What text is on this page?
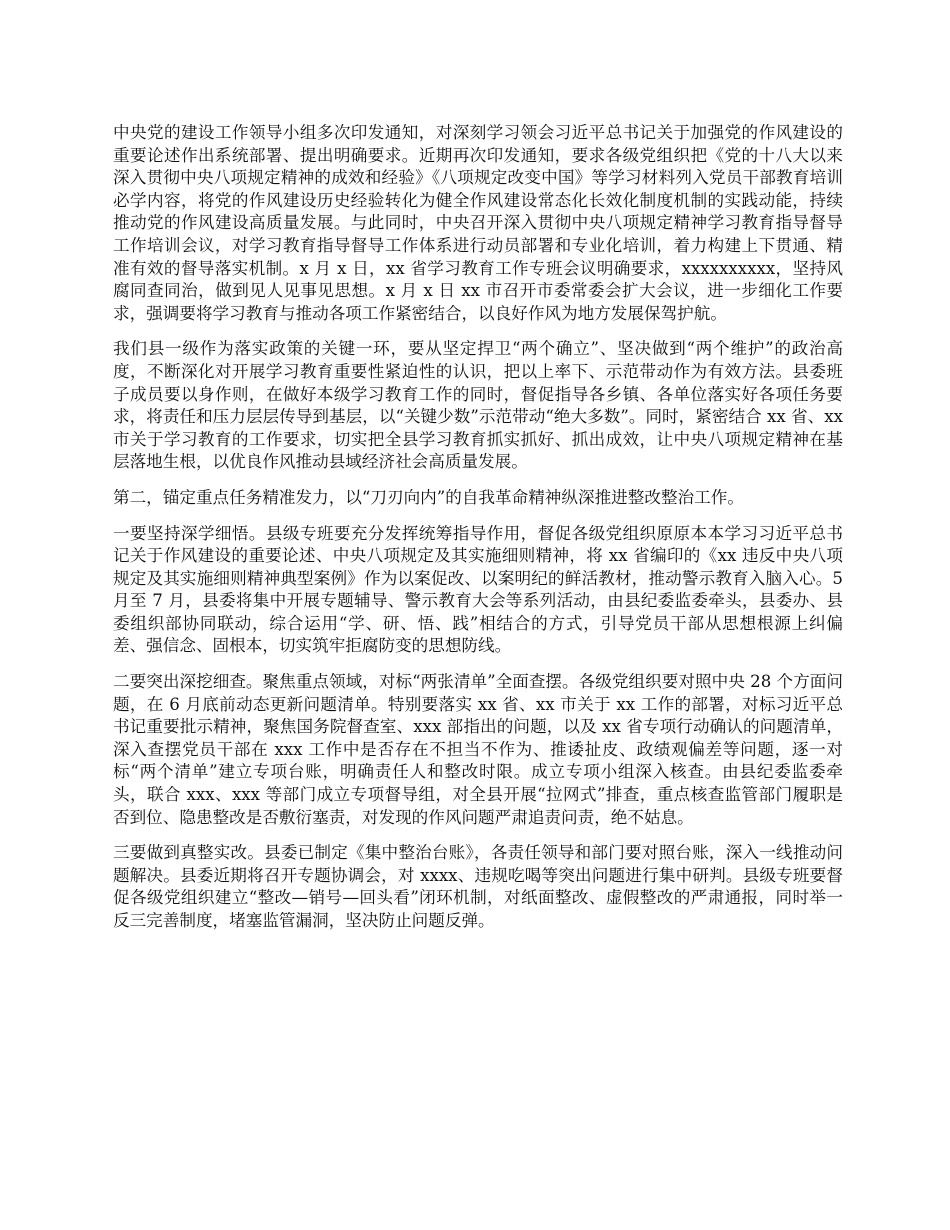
中央党的建设工作领导小组多次印发通知，对深刻学习领会习近平总书记关于加强党的作风建设的重要论述作出系统部署、提出明确要求。近期再次印发通知，要求各级党组织把《党的十八大以来深入贯彻中央八项规定精神的成效和经验》《八项规定改变中国》等学习材料列入党员干部教育培训必学内容，将党的作风建设历史经验转化为健全作风建设常态化长效化制度机制的实践动能，持续推动党的作风建设高质量发展。与此同时，中央召开深入贯彻中央八项规定精神学习教育指导督导工作培训会议，对学习教育指导督导工作体系进行动员部署和专业化培训，着力构建上下贯通、精准有效的督导落实机制。x 月 x 日，xx 省学习教育工作专班会议明确要求，xxxxxxxxxx，坚持风腐同查同治，做到见人见事见思想。x 月 x 日 xx 市召开市委常委会扩大会议，进一步细化工作要求，强调要将学习教育与推动各项工作紧密结合，以良好作风为地方发展保驾护航。

我们县一级作为落实政策的关键一环，要从坚定捍卫“两个确立”、坚决做到“两个维护”的政治高度，不断深化对开展学习教育重要性紧迫性的认识，把以上率下、示范带动作为有效方法。县委班子成员要以身作则，在做好本级学习教育工作的同时，督促指导各乡镇、各单位落实好各项任务要求，将责任和压力层层传导到基层，以“关键少数”示范带动“绝大多数”。同时，紧密结合 xx 省、xx 市关于学习教育的工作要求，切实把全县学习教育抓实抓好、抓出成效，让中央八项规定精神在基层落地生根，以优良作风推动县域经济社会高质量发展。

第二，锚定重点任务精准发力，以“刀刃向内”的自我革命精神纵深推进整改整治工作。

一要坚持深学细悟。县级专班要充分发挥统筹指导作用，督促各级党组织原原本本学习习近平总书记关于作风建设的重要论述、中央八项规定及其实施细则精神，将 xx 省编印的《xx 违反中央八项规定及其实施细则精神典型案例》作为以案促改、以案明纪的鲜活教材，推动警示教育入脑入心。5 月至 7 月，县委将集中开展专题辅导、警示教育大会等系列活动，由县纪委监委牵头，县委办、县委组织部协同联动，综合运用“学、研、悟、践”相结合的方式，引导党员干部从思想根源上纠偏差、强信念、固根本，切实筑牢拒腐防变的思想防线。

二要突出深挖细查。聚焦重点领域，对标“两张清单”全面查摆。各级党组织要对照中央 28 个方面问题，在 6 月底前动态更新问题清单。特别要落实 xx 省、xx 市关于 xx 工作的部署，对标习近平总书记重要批示精神，聚焦国务院督查室、xxx 部指出的问题，以及 xx 省专项行动确认的问题清单，深入查摆党员干部在 xxx 工作中是否存在不担当不作为、推诿扯皮、政绩观偏差等问题，逐一对标“两个清单”建立专项台账，明确责任人和整改时限。成立专项小组深入核查。由县纪委监委牵头，联合 xxx、xxx 等部门成立专项督导组，对全县开展“拉网式”排查，重点核查监管部门履职是否到位、隐患整改是否敷衍塞责，对发现的作风问题严肃追责问责，绝不姑息。

三要做到真整实改。县委已制定《集中整治台账》，各责任领导和部门要对照台账，深入一线推动问题解决。县委近期将召开专题协调会，对 xxxx、违规吃喝等突出问题进行集中研判。县级专班要督促各级党组织建立“整改—销号—回头看”闭环机制，对纸面整改、虚假整改的严肃通报，同时举一反三完善制度，堵塞监管漏洞，坚决防止问题反弹。
